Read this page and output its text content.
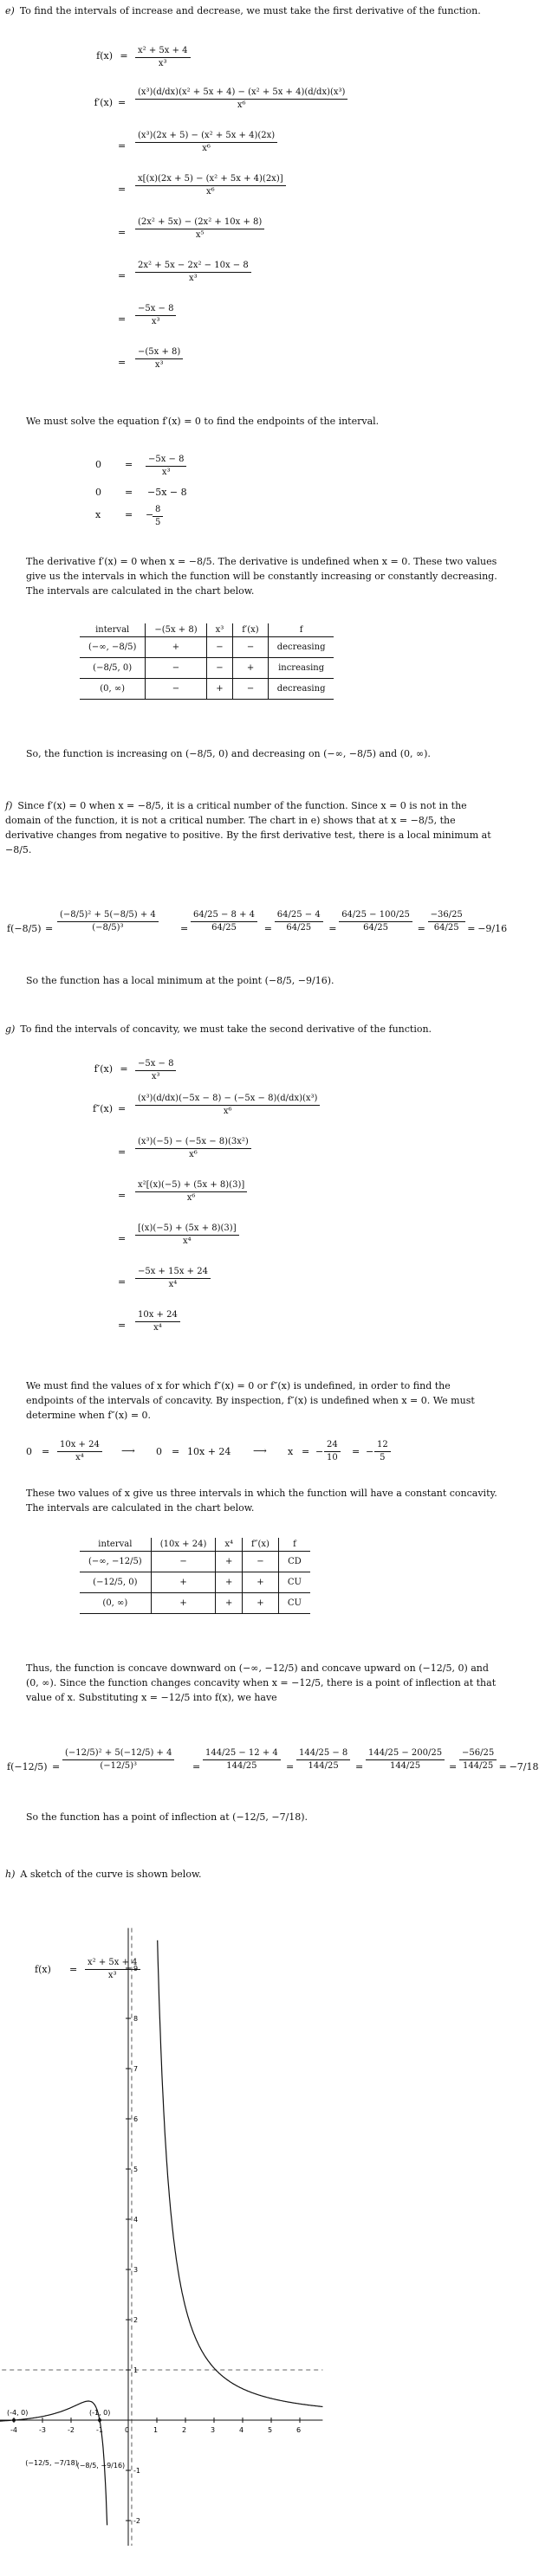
e) To find the intervals of increase and decrease, we must take the first derivative of the function.
$f(x) = \frac{\text{x² + 5x + 4}}{\text{x³}}$
$f'(x) = \frac{\text{(x³)(d/dx)(x² + 5x + 4) − (x² + 5x + 4)(d/dx)(x³)}}{\text{x⁶}}$
= $\frac{\text{(x³)(2x + 5) − (x² + 5x + 4)(2x)}}{\text{x⁶}}$
= $\frac{\text{x[(x)(2x + 5) − (x² + 5x + 4)(2x)]}}{\text{x⁶}}$
= $\frac{\text{(2x² + 5x) − (2x² + 10x + 8)}}{\text{x⁵}}$
= $\frac{\text{2x² + 5x − 2x² − 10x − 8}}{\text{x³}}$
= $\frac{-5x - 8}{\text{x³}}$
= $\frac{-(5x + 8)}{\text{x³}}$
We must solve the equation f′(x) = 0 to find the endpoints of the interval.
$0 = \frac{-5x - 8}{\text{x³}}$
0 = −5x − 8
x	= −
$\frac{8}{5}$
The derivative f′(x) = 0 when x = −8/5. The derivative is undefined when x = 0. These two values give us the intervals in which the function will be constantly increasing or constantly decreasing. The intervals are calculated in the chart below.
interval	−(5x + 8)	x³	f′(x)	f
(−∞, −8/5)	+	−	−	decreasing
(−8/5, 0)	−	−	+	increasing
(0, ∞)	−	+	−	decreasing
So, the function is increasing on (−8/5, 0) and decreasing on (−∞, −8/5) and (0, ∞).
f) Since f′(x) = 0 when x = −8/5, it is a critical number of the function. Since x = 0 is not in the domain of the function, it is not a critical number. The chart in e) shows that at x = −8/5, the derivative changes from negative to positive. By the first derivative test, there is a local minimum at −8/5.
$f(-8/5) = \frac{\text{(−8/5)² + 5(−8/5) + 4}}{\text{(−8/5)³}} = \frac{64/25 - 8 + 4}{64/25} = \frac{64/25 - 4}{64/25} = \frac{64/25 - 100/25}{64/25} = \frac{-36/25}{64/25} = -9/16$
So the function has a local minimum at the point (−8/5, −9/16).
g) To find the intervals of concavity, we must take the second derivative of the function.
$f'(x) = \frac{-5x - 8}{\text{x³}}$
$f''(x) = \frac{\text{(x³)(d/dx)(−5x − 8) − (−5x − 8)(d/dx)(x³)}}{\text{x⁶}}$
= $\frac{\text{(x³)(−5) − (−5x − 8)(3x²)}}{\text{x⁶}}$
= $\frac{\text{x²[(x)(−5) + (5x + 8)(3)]}}{\text{x⁶}}$
= $\frac{[(x)(-5) + (5x + 8)(3)]}{\text{x⁴}}$
= $\frac{-5x + 15x + 24}{\text{x⁴}}$
= $\frac{10x + 24}{\text{x⁴}}$
We must find the values of x for which f″(x) = 0 or f″(x) is undefined, in order to find the endpoints of the intervals of concavity. By inspection, f″(x) is undefined when x = 0. We must determine when f″(x) = 0.
$0 = \frac{10x + 24}{\text{x⁴}}$ ⟶ 0 = 10x + 24 ⟶ x = − $\frac{24}{10}$ = − $\frac{12}{5}$
These two values of x give us three intervals in which the function will have a constant concavity. The intervals are calculated in the chart below.
interval	(10x + 24)	x⁴	f″(x)	f
(−∞, −12/5)	−	+	−	CD
(−12/5, 0)	+	+	+	CU
(0, ∞)	+	+	+	CU
Thus, the function is concave downward on (−∞, −12/5) and concave upward on (−12/5, 0) and (0, ∞). Since the function changes concavity when x = −12/5, there is a point of inflection at that value of x. Substituting x = −12/5 into f(x), we have
$f(-12/5) = \frac{\text{(−12/5)² + 5(−12/5) + 4}}{\text{(−12/5)³}} = \frac{144/25 - 12 + 4}{144/25} = \frac{144/25 - 8}{144/25} = \frac{144/25 - 200/25}{144/25} = \frac{-56/25}{144/25} = -7/18$
So the function has a point of inflection at (−12/5, −7/18).
h) A sketch of the curve is shown below.
$f(x) = \frac{\text{x² + 5x + 4}}{\text{x³}}$
-4	-3	-2	-1	0	1	2	3	4	5	6
9
8
7
6
5
4
3
2
1
-1
-2
(-4, 0)	(-1, 0)
(−12/5, −7/18)
(−8/5, −9/16)
